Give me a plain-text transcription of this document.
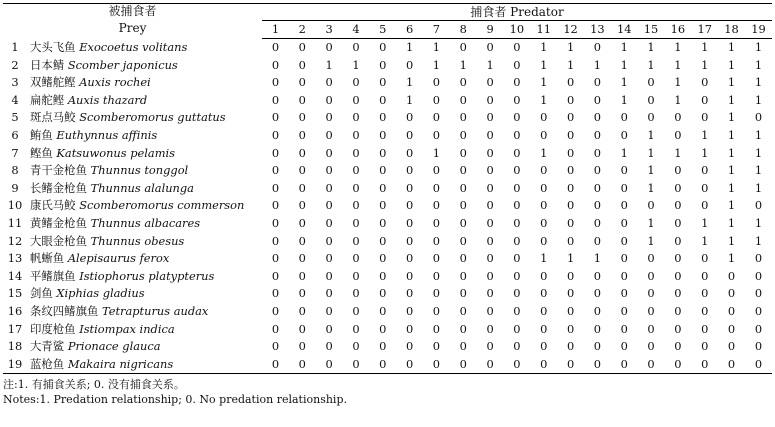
被捕食者
Prey		捕食者 Predator																		
		1	2	3	4	5	6	7	8	9	10	11	12	13	14	15	16	17	18	19
1	大头飞鱼 Exocoetus volitans	0	0	0	0	0	1	1	0	0	0	1	1	0	1	1	1	1	1	1
2	日本鲭 Scomber japonicus	0	0	1	1	0	0	1	1	1	0	1	1	1	1	1	1	1	1	1
3	双鳍舵鲣 Auxis rochei	0	0	0	0	0	1	0	0	0	0	1	0	0	1	0	1	0	1	1
4	扁舵鲣 Auxis thazard	0	0	0	0	0	1	0	0	0	0	1	0	0	1	0	1	0	1	1
5	斑点马鲛 Scomberomorus guttatus	0	0	0	0	0	0	0	0	0	0	0	0	0	0	0	0	0	1	0
6	鲔鱼 Euthynnus affinis	0	0	0	0	0	0	0	0	0	0	0	0	0	0	1	0	1	1	1
7	鲣鱼 Katsuwonus pelamis	0	0	0	0	0	0	1	0	0	0	1	0	0	1	1	1	1	1	1
8	青干金枪鱼 Thunnus tonggol	0	0	0	0	0	0	0	0	0	0	0	0	0	0	1	0	0	1	1
9	长鳍金枪鱼 Thunnus alalunga	0	0	0	0	0	0	0	0	0	0	0	0	0	0	1	0	0	1	1
10	康氏马鲛 Scomberomorus commerson	0	0	0	0	0	0	0	0	0	0	0	0	0	0	0	0	0	1	0
11	黄鳍金枪鱼 Thunnus albacares	0	0	0	0	0	0	0	0	0	0	0	0	0	0	1	0	1	1	1
12	大眼金枪鱼 Thunnus obesus	0	0	0	0	0	0	0	0	0	0	0	0	0	0	1	0	1	1	1
13	帆蜥鱼 Alepisaurus ferox	0	0	0	0	0	0	0	0	0	0	1	1	1	0	0	0	0	1	0
14	平鳍旗鱼 Istiophorus platypterus	0	0	0	0	0	0	0	0	0	0	0	0	0	0	0	0	0	0	0
15	剑鱼 Xiphias gladius	0	0	0	0	0	0	0	0	0	0	0	0	0	0	0	0	0	0	0
16	条纹四鳍旗鱼 Tetrapturus audax	0	0	0	0	0	0	0	0	0	0	0	0	0	0	0	0	0	0	0
17	印度枪鱼 Istiompax indica	0	0	0	0	0	0	0	0	0	0	0	0	0	0	0	0	0	0	0
18	大青鲨 Prionace glauca	0	0	0	0	0	0	0	0	0	0	0	0	0	0	0	0	0	0	0
19	蓝枪鱼 Makaira nigricans	0	0	0	0	0	0	0	0	0	0	0	0	0	0	0	0	0	0	0
注:1. 有捕食关系; 0. 没有捕食关系。
Notes:1. Predation relationship; 0. No predation relationship.
